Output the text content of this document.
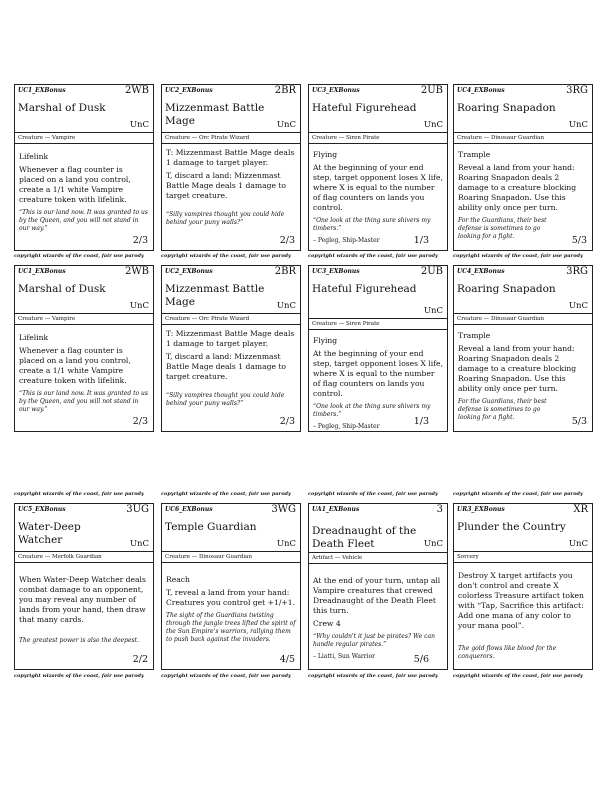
UC1_EXBonus	2WB
Marshal of Dusk
UnC
Creature — Vampire

Lifelink

Whenever a flag counter is placed on a land you control, create a 1/1 white Vampire creature token with lifelink.

“This is our land now. It was granted to us by the Queen, and you will not stand in our way.”
2/3
copyright wizards of the coast, fair use parody
UC2_EXBonus	2BR
Mizzenmast Battle Mage	UnC
Creature — Orc Pirate Wizard

T: Mizzenmast Battle Mage deals 1 damage to target player.

T, discard a land: Mizzenmast Battle Mage deals 1 damage to target creature.

“Silly vampires thought you could hide behind your puny walls?”
2/3
copyright wizards of the coast, fair use parody
UC3_EXBonus	2UB
Hateful Figurehead
UnC
Creature — Siren Pirate

Flying

At the beginning of your end step, target opponent loses X life, where X is equal to the number of flag counters on lands you control.

“One look at the thing sure shivers my timbers.”
– Pegleg, Ship-Master	1/3
copyright wizards of the coast, fair use parody
UC4_EXBonus	3RG
Roaring Snapadon
UnC
Creature — Dinosaur Guardian

Trample

Reveal a land from your hand: Roaring Snapadon deals 2 damage to a creature blocking Roaring Snapadon. Use this ability only once per turn.

For the Guardians, their best defense is sometimes to go looking for a fight.	5/3
copyright wizards of the coast, fair use parody
UC1_EXBonus	2WB
Marshal of Dusk
UnC
Creature — Vampire

Lifelink

Whenever a flag counter is placed on a land you control, create a 1/1 white Vampire creature token with lifelink.

“This is our land now. It was granted to us by the Queen, and you will not stand in our way.”
2/3
copyright wizards of the coast, fair use parody
UC2_EXBonus	2BR
Mizzenmast Battle Mage	UnC
Creature — Orc Pirate Wizard

T: Mizzenmast Battle Mage deals 1 damage to target player.

T, discard a land: Mizzenmast Battle Mage deals 1 damage to target creature.

“Silly vampires thought you could hide behind your puny walls?”
2/3
copyright wizards of the coast, fair use parody
UC3_EXBonus	2UB
Hateful Figurehead
UnC
Creature — Siren Pirate

Flying

At the beginning of your end step, target opponent loses X life, where X is equal to the number of flag counters on lands you control.

“One look at the thing sure shivers my timbers.”
– Pegleg, Ship-Master	1/3
copyright wizards of the coast, fair use parody
UC4_EXBonus	3RG
Roaring Snapadon
UnC
Creature — Dinosaur Guardian

Trample

Reveal a land from your hand: Roaring Snapadon deals 2 damage to a creature blocking Roaring Snapadon. Use this ability only once per turn.

For the Guardians, their best defense is sometimes to go looking for a fight.	5/3
copyright wizards of the coast, fair use parody
UC5_EXBonus	3UG
Water-Deep Watcher	UnC
Creature — Merfolk Guardian

When Water-Deep Watcher deals combat damage to an opponent, you may reveal any number of lands from your hand, then draw that many cards.

The greatest power is also the deepest.
2/2
copyright wizards of the coast, fair use parody
UC6_EXBonus	3WG
Temple Guardian
UnC
Creature — Dinosaur Guardian

Reach

T, reveal a land from your hand: Creatures you control get +1/+1.

The sight of the Guardians twisting through the jungle trees lifted the spirit of the Sun Empire's warriors, rallying them to push back against the invaders.
4/5
copyright wizards of the coast, fair use parody
UA1_EXBonus	3
Dreadnaught of the Death Fleet	UnC
Artifact — Vehicle

At the end of your turn, untap all Vampire creatures that crewed Dreadnaught of the Death Fleet this turn.

Crew 4

“Why couldn't it just be pirates? We can handle regular pirates.”
– Liatti, Sun Warrior	5/6
copyright wizards of the coast, fair use parody
UR3_EXBonus	XR
Plunder the Country
UnC
Sorcery

Destroy X target artifacts you don't control and create X colorless Treasure artifact token with “Tap, Sacrifice this artifact: Add one mana of any color to your mana pool”.

The gold flows like blood for the conquerors.
copyright wizards of the coast, fair use parody
